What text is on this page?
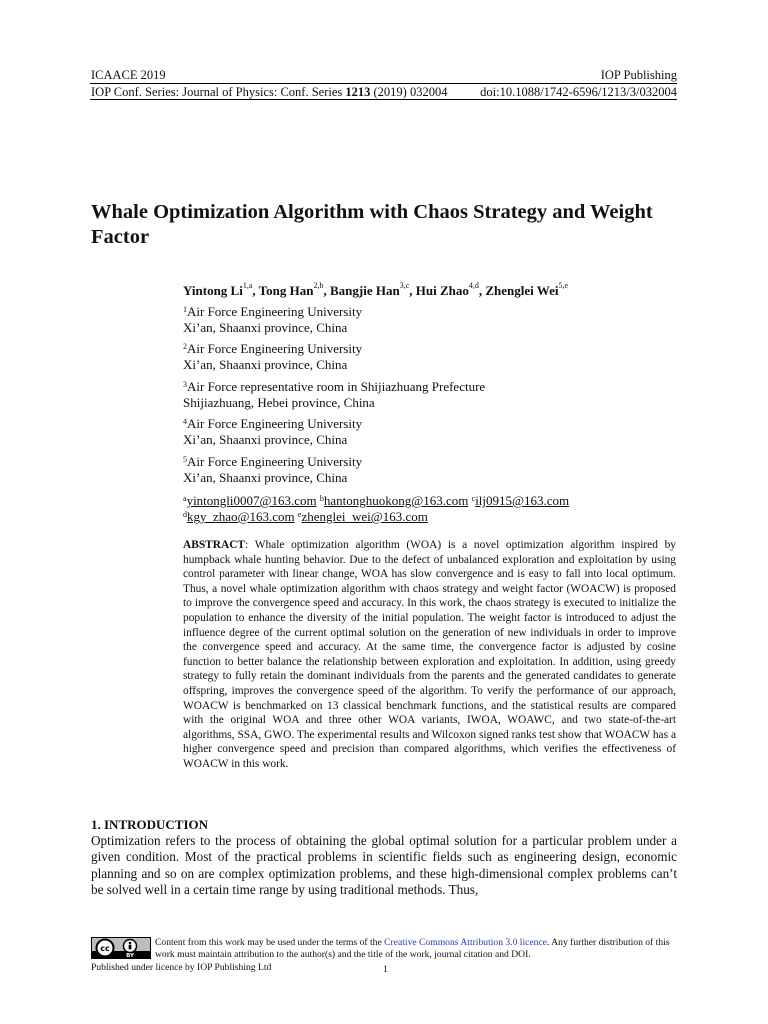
ICAACE 2019	IOP Publishing
IOP Conf. Series: Journal of Physics: Conf. Series 1213 (2019) 032004	doi:10.1088/1742-6596/1213/3/032004
Whale Optimization Algorithm with Chaos Strategy and Weight Factor
Yintong Li$^{1,a}$, Tong Han$^{2,b}$, Bangjie Han$^{3,c}$, Hui Zhao$^{4,d}$, Zhenglei Wei$^{5,e}$
$^1$Air Force Engineering University
Xi’an, Shaanxi province, China
$^2$Air Force Engineering University
Xi’an, Shaanxi province, China
$^3$Air Force representative room in Shijiazhuang Prefecture
Shijiazhuang, Hebei province, China
$^4$Air Force Engineering University
Xi’an, Shaanxi province, China
$^5$Air Force Engineering University
Xi’an, Shaanxi province, China
$^a$yintongli0007@163.com $^b$hantonghuokong@163.com $^c$ilj0915@163.com
$^d$kgy_zhao@163.com $^e$zhenglei_wei@163.com
ABSTRACT: Whale optimization algorithm (WOA) is a novel optimization algorithm inspired by humpback whale hunting behavior. Due to the defect of unbalanced exploration and exploitation by using control parameter with linear change, WOA has slow convergence and is easy to fall into local optimum. Thus, a novel whale optimization algorithm with chaos strategy and weight factor (WOACW) is proposed to improve the convergence speed and accuracy. In this work, the chaos strategy is executed to initialize the population to enhance the diversity of the initial population. The weight factor is introduced to adjust the influence degree of the current optimal solution on the generation of new individuals in order to improve the convergence speed and accuracy. At the same time, the convergence factor is adjusted by cosine function to better balance the relationship between exploration and exploitation. In addition, using greedy strategy to fully retain the dominant individuals from the parents and the generated candidates to generate offspring, improves the convergence speed of the algorithm. To verify the performance of our approach, WOACW is benchmarked on 13 classical benchmark functions, and the statistical results are compared with the original WOA and three other WOA variants, IWOA, WOAWC, and two state-of-the-art algorithms, SSA, GWO. The experimental results and Wilcoxon signed ranks test show that WOACW has a higher convergence speed and precision than compared algorithms, which verifies the effectiveness of WOACW in this work.
1. INTRODUCTION
Optimization refers to the process of obtaining the global optimal solution for a particular problem under a given condition. Most of the practical problems in scientific fields such as engineering design, economic planning and so on are complex optimization problems, and these high-dimensional complex problems can’t be solved well in a certain time range by using traditional methods. Thus,
cc
BY
Content from this work may be used under the terms of the Creative Commons Attribution 3.0 licence. Any further distribution of this work must maintain attribution to the author(s) and the title of the work, journal citation and DOI.
Published under licence by IOP Publishing Ltd	1
